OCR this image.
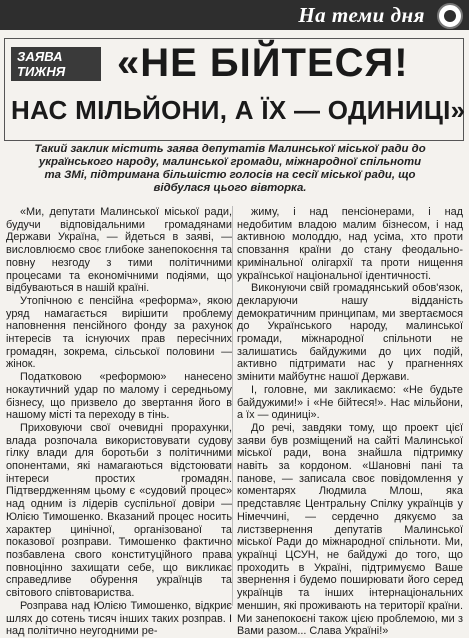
На теми дня
ЗАЯВА ТИЖНЯ	«НЕ БІЙТЕСЯ!
НАС МІЛЬЙОНИ, А ЇХ — ОДИНИЦІ»
Такий заклик містить заява депутатів Малинської міської ради до українського народу, малинської громади, міжнародної спільноти та ЗМі, підтримана більшістю голосів на сесії міської ради, що відбулася цього вівторка.

«Ми, депутати Малинської міської ради, будучи відповідальними громадянами Держави Україна, — йдеться в заяві, — висловлюємо своє глибоке занепокоєння та повну незгоду з тими політичними процесами та економічними подіями, що відбуваються в нашій країні.

Утопічною є пенсійна «реформа», якою уряд намагається вирішити проблему наповнення пенсійного фонду за рахунок інтересів та існуючих прав пересічних громадян, зокрема, сільської половини — жінок.

Податковою «реформою» нанесено нокаутичний удар по малому і середньому бізнесу, що призвело до звертання його в нашому місті та переходу в тінь.

Приховуючи свої очевидні прорахунки, влада розпочала використовувати судову гілку влади для боротьби з політичними опонентами, які намагаються відстоювати інтереси простих громадян. Підтвердженням цьому є «судовий процес» над одним із лідерів суспільної довіри — Юлією Тимошенко. Вказаний процес носить характер цинічної, організованої та показової розправи. Тимошенко фактично позбавлена свого конституційного права повноцінно захищати себе, що викликає справедливе обурення українців та світового співтовариства.

Розправа над Юлією Тимошенко, відкриє шлях до сотень тисяч інших таких розправ. І над політично неугодними ре-

жиму, і над пенсіонерами, і над недобитим владою малим бізнесом, і над активною молоддю, над усіма, хто прoти сповзання країни до стану феодально-кримінальної олігархії та проти нищення української національної ідентичності.

Виконуючи свій громадянський обов'язок, декларуючи нашу відданість демократичним принципам, ми звертаємося до Українського народу, малинської громади, міжнародної спільноти не залишатись байдужими до цих подій, активно підтримати нас у прагненнях змінити майбутнє нашої Держави.

І, головне, ми закликаємо: «Не будьте байдужими!» і «Не бійтеся!». Нас мільйони, а їх — одиниці».

До речі, завдяки тому, що проект цієї заяви був розміщений на сайті Малинської міської ради, вона знайшла підтримку навіть за кордоном. «Шановні пані та панове, — записала своє повідомлення у коментарях Людмила Млош, яка представляє Центральну Спілку українців у Німеччині, — сердечно дякуємо за листзвернення депутатів Малинської міської Ради до міжнародної спільноти. Ми, українці ЦСУН, не байдужі до того, що проходить в Україні, підтримуємо Ваше звернення і будемо поширювати його серед українців та інших інтернаціональних меншин, які проживають на території країни. Ми занепокоєні також цією проблемою, ми з Вами разом... Слава Україні!»
